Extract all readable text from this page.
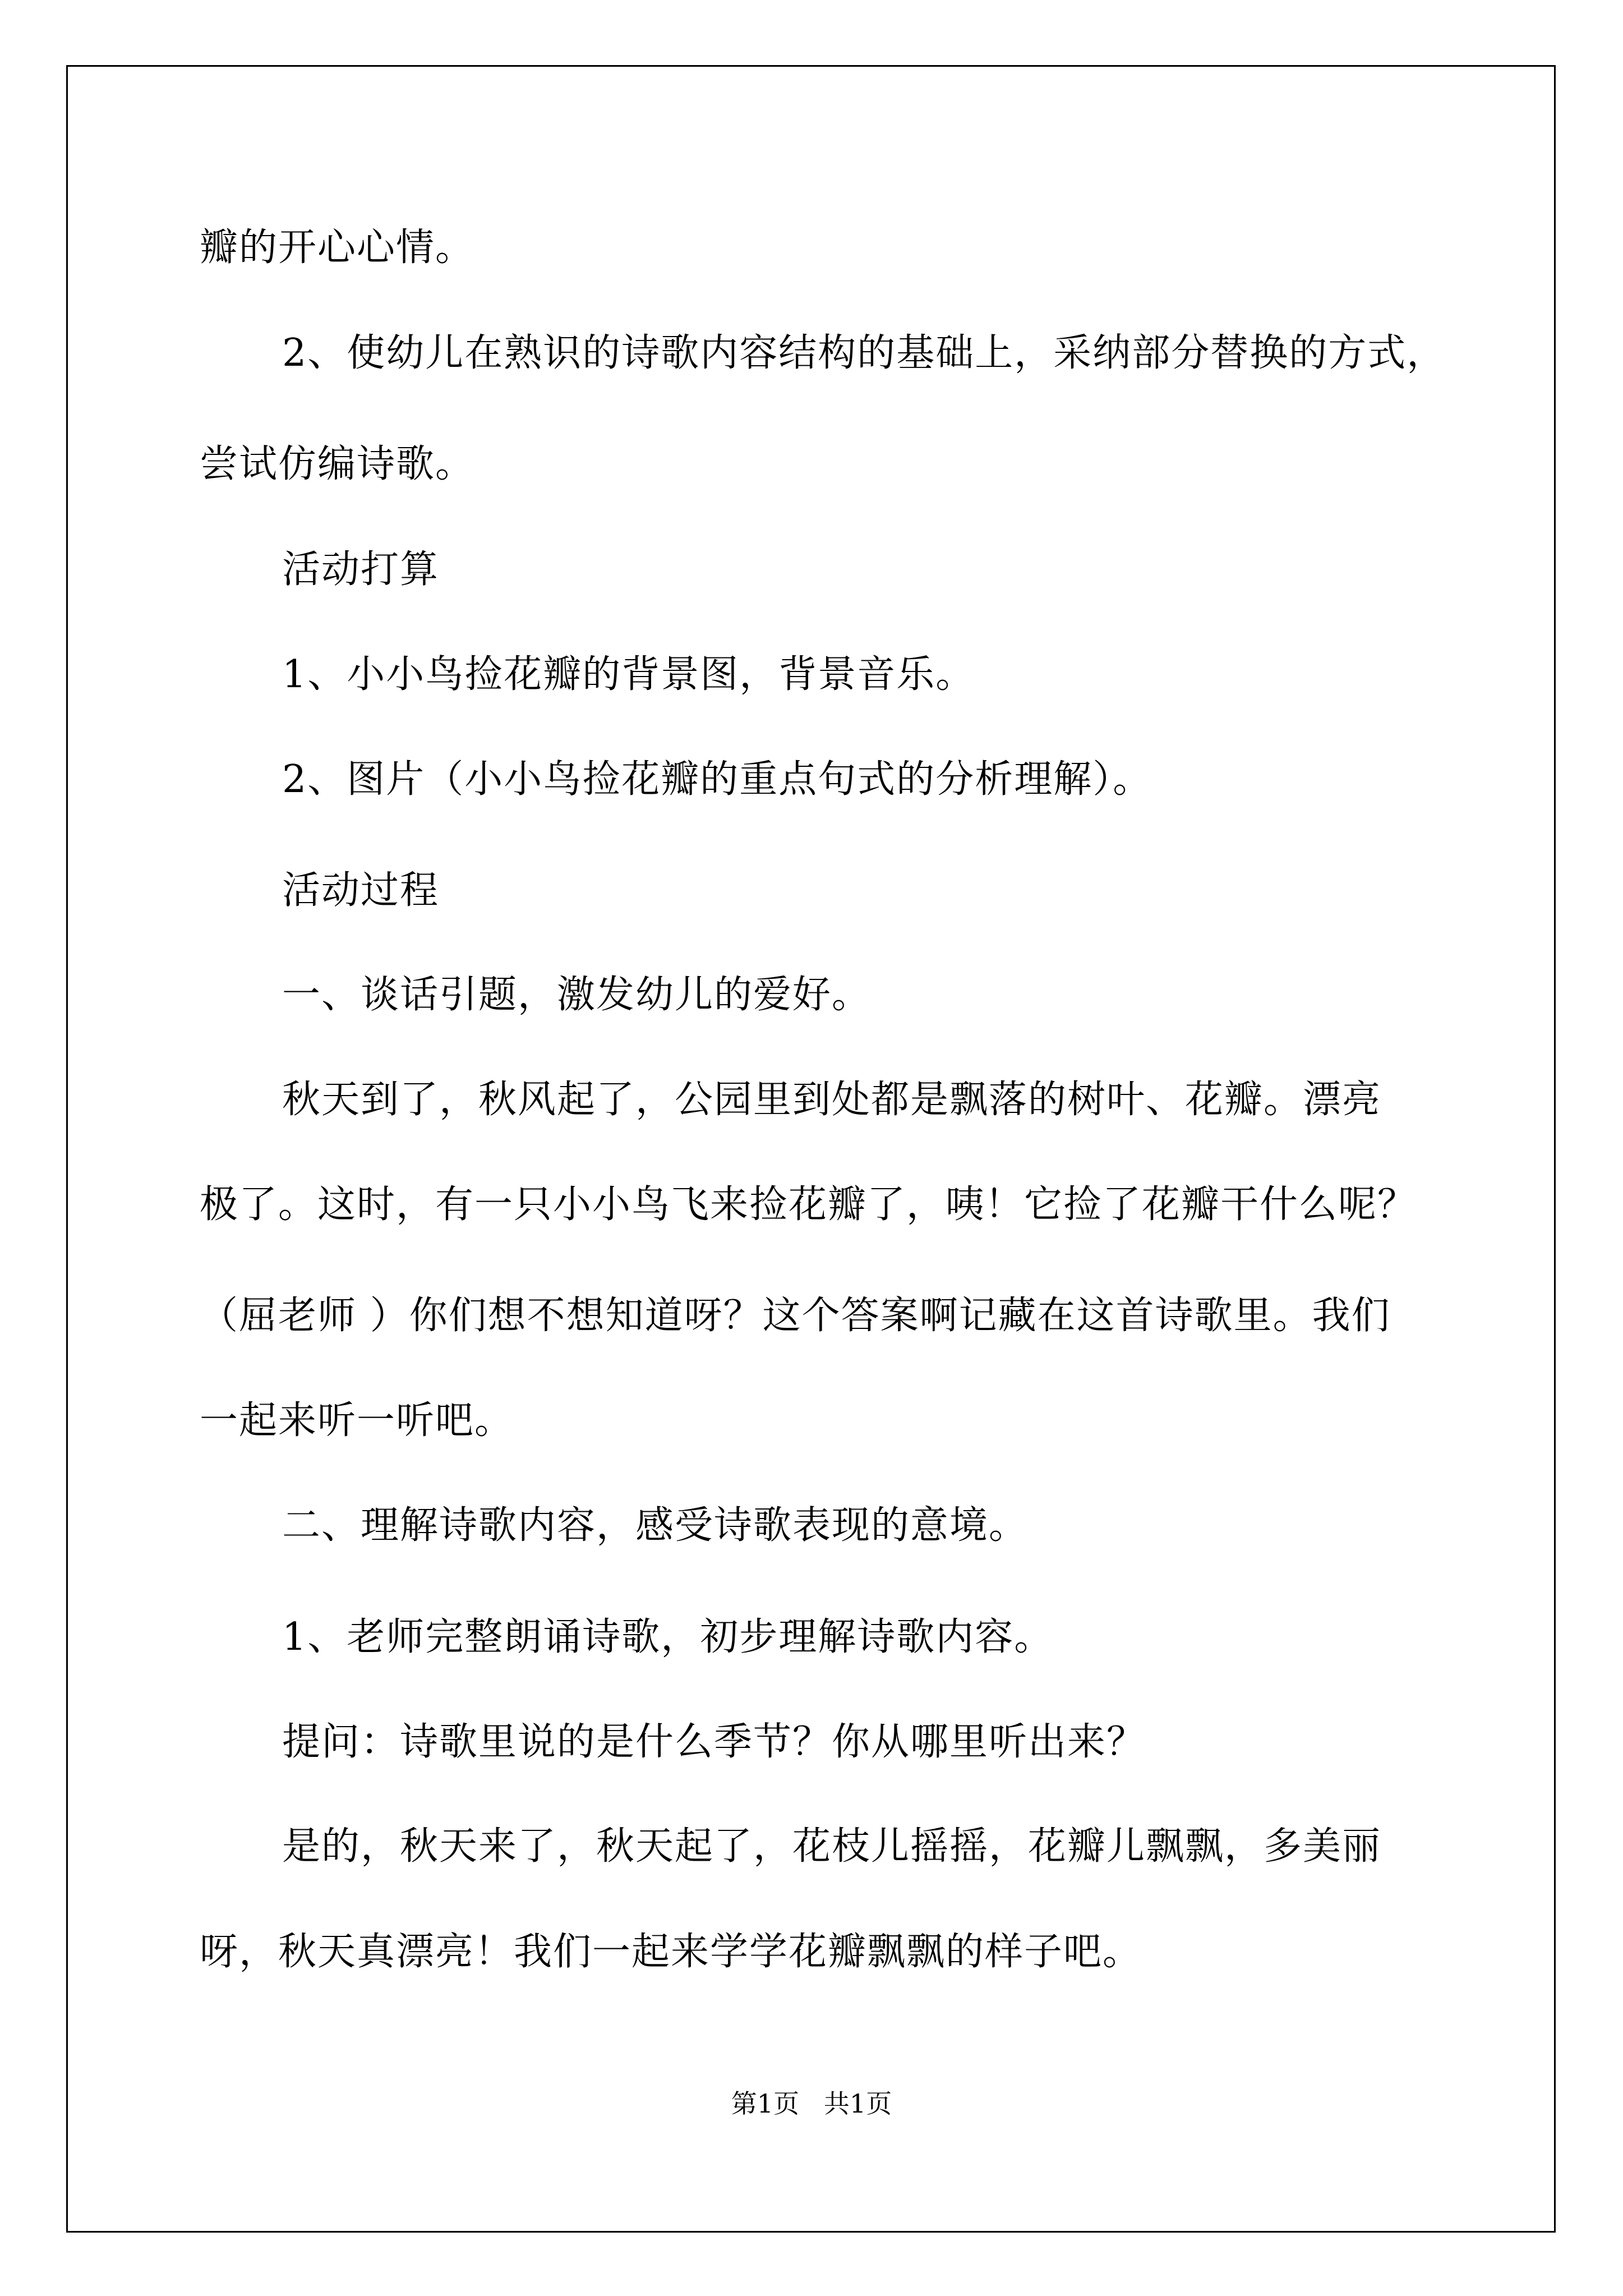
瓣的开心心情。
2、使幼儿在熟识的诗歌内容结构的基础上，采纳部分替换的方式，
尝试仿编诗歌。
活动打算
1、小小鸟捡花瓣的背景图，背景音乐。
2、图片（小小鸟捡花瓣的重点句式的分析理解）。
活动过程
一、谈话引题，激发幼儿的爱好。
秋天到了，秋风起了，公园里到处都是飘落的树叶、花瓣。漂亮
极了。这时，有一只小小鸟飞来捡花瓣了，咦！它捡了花瓣干什么呢？
（屈老师 ）你们想不想知道呀？这个答案啊记藏在这首诗歌里。我们
一起来听一听吧。
二、理解诗歌内容，感受诗歌表现的意境。
1、老师完整朗诵诗歌，初步理解诗歌内容。
提问：诗歌里说的是什么季节？你从哪里听出来？
是的，秋天来了，秋天起了，花枝儿摇摇，花瓣儿飘飘，多美丽
呀，秋天真漂亮！我们一起来学学花瓣飘飘的样子吧。
第1页   共1页
